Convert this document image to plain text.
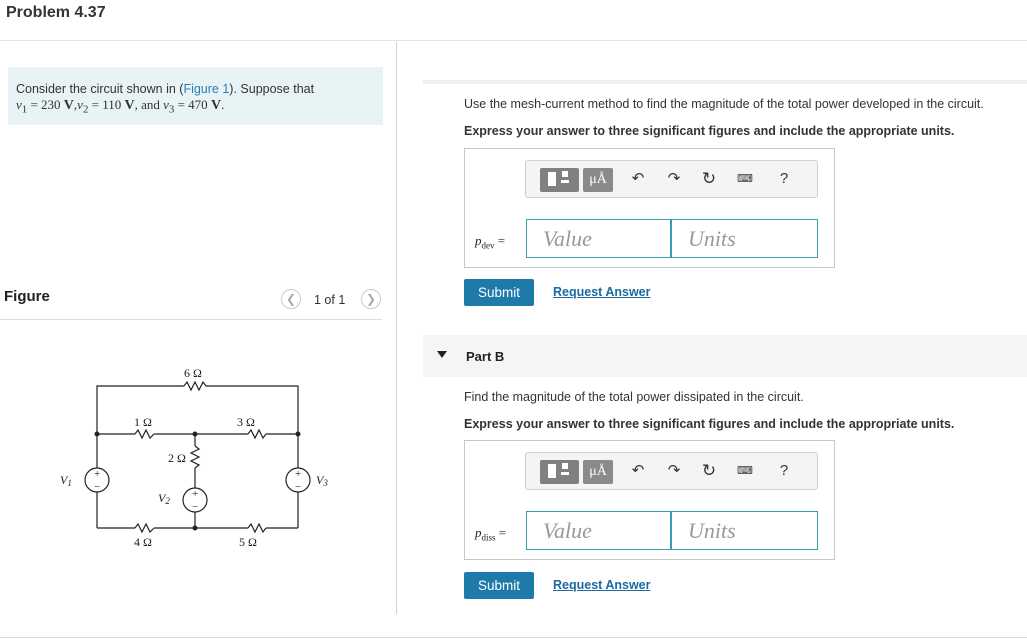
Problem 4.37
Consider the circuit shown in (Figure 1). Suppose that
$v_1 = 230$ $V,v_2 = 110$ V, and $v_3 = 470$ V.
Figure	❮	1 of 1	❯
+
−
+
−
+
−
6 Ω
1 Ω	3 Ω
2 Ω
4 Ω	5 Ω
V1
V2
V3
Use the mesh-current method to find the magnitude of the total power developed in the circuit.
Express your answer to three significant figures and include the appropriate units.
μÅ	↶	↷	↻	⌨	?
$p_{dev}$ =	Value	Units
Submit	Request Answer
Part B
Find the magnitude of the total power dissipated in the circuit.
Express your answer to three significant figures and include the appropriate units.
μÅ	↶	↷	↻	⌨	?
$p_{diss}$ =	Value	Units
Submit	Request Answer
